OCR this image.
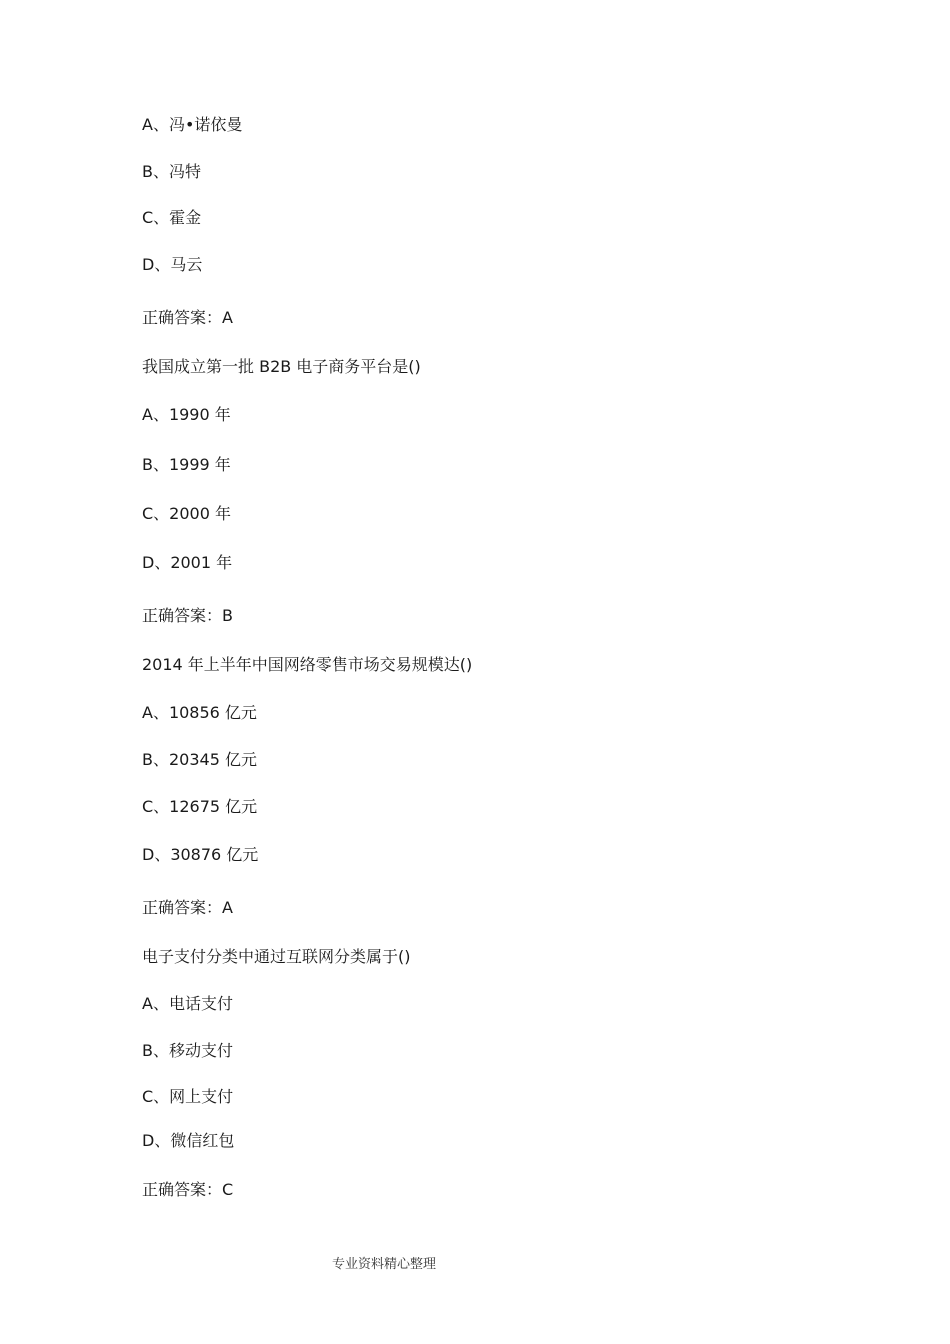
A、冯•诺依曼

B、冯特

C、霍金

D、马云

正确答案：A

我国成立第一批 B2B 电子商务平台是()

A、1990 年

B、1999 年

C、2000 年

D、2001 年

正确答案：B

2014 年上半年中国网络零售市场交易规模达()

A、10856 亿元

B、20345 亿元

C、12675 亿元

D、30876 亿元

正确答案：A

电子支付分类中通过互联网分类属于()

A、电话支付

B、移动支付

C、网上支付

D、微信红包

正确答案：C

专业资料精心整理
